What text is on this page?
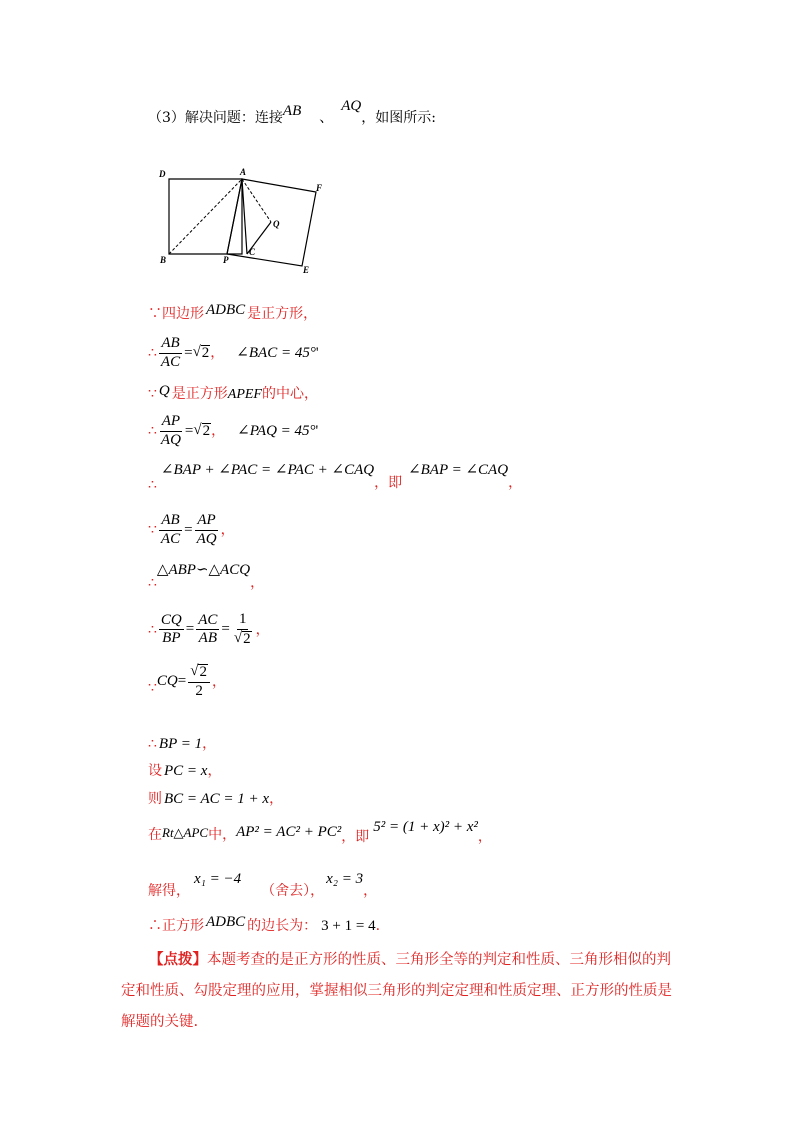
（3）解决问题：连接AB 、AQ，如图所示:
D	A
F
Q
B	P
C
E
∵四边形 ADBC 是正方形，
∴ $\frac{AB}{AC}$ = √ 2 ， ∠BAC = 45° '
∵ Q 是正方形APEF的中心，
∴ $\frac{AP}{AQ}$ = √ 2 ， ∠PAQ = 45° '
∴∠BAP + ∠PAC = ∠PAC + ∠CAQ，即∠BAP = ∠CAQ，
∵ $\frac{AB}{AC} = \frac{AP}{AQ}$ ，
∴△ABP∽△ACQ，
∴ $\frac{CQ}{BP} = \frac{AC}{AB} = \frac{1}{√ 2}$ ，
∵ CQ = $\frac{√ 2}{2}$ ，
∴ BP = 1，
设 PC = x，
则 BC = AC = 1 + x，
在Rt△APC中，AP² = AC² + PC²，即5² = (1 + x)² + x²，
解得，x₁ = −4（舍去），x₂ = 3，
∴正方形 ADBC 的边长为： 3 + 1 = 4.
【点拨】本题考查的是正方形的性质、三角形全等的判定和性质、三角形相似的判定和性质、勾股定理的应用，掌握相似三角形的判定定理和性质定理、正方形的性质是解题的关键.
